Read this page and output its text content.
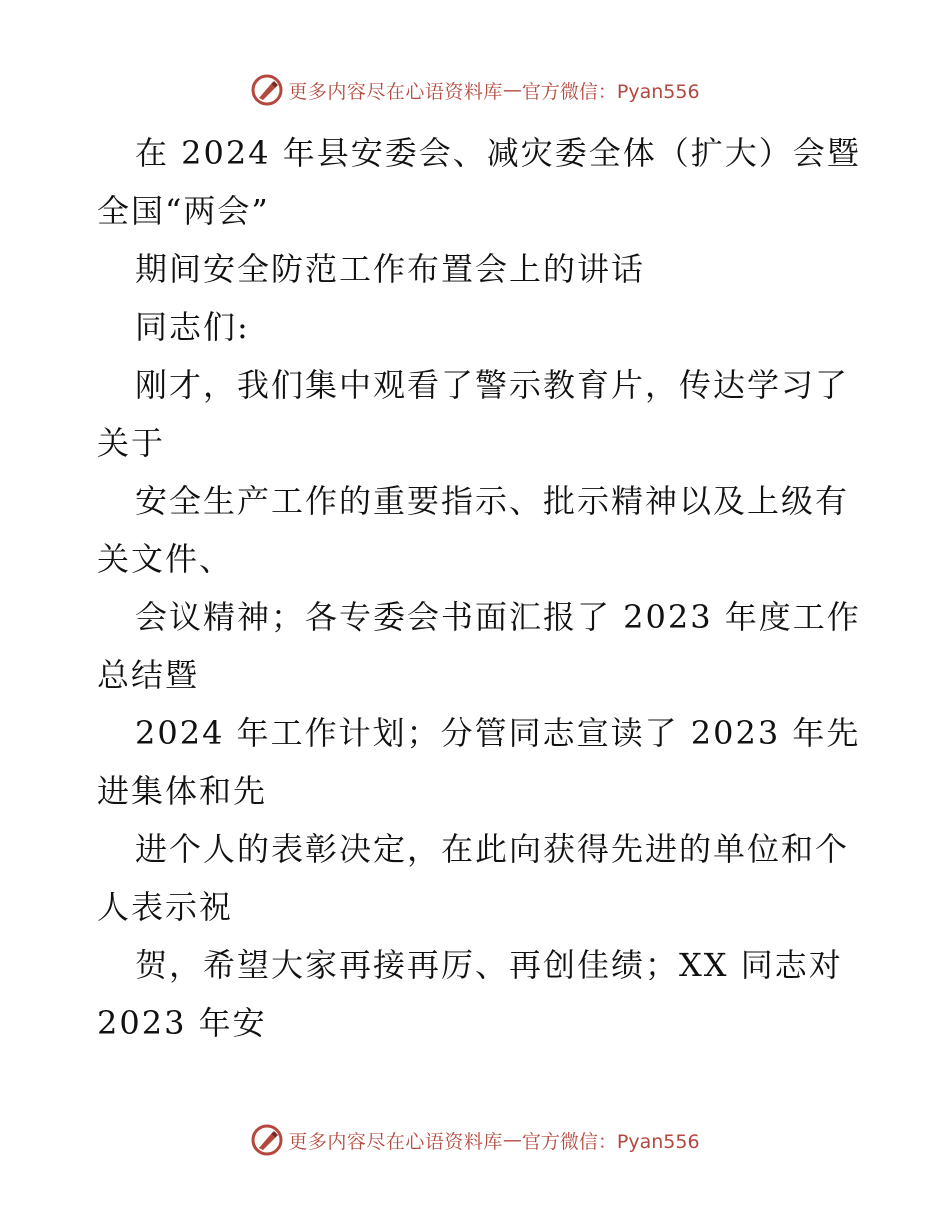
更多内容尽在心语资料库 — 官方微信：Pyan556
在 2024 年县安委会、减灾委全体（扩大）会暨
全国“两会”
期间安全防范工作布置会上的讲话
同志们:
刚才，我们集中观看了警示教育片，传达学习了
关于
安全生产工作的重要指示、批示精神以及上级有
关文件、
会议精神；各专委会书面汇报了 2023 年度工作
总结暨
2024 年工作计划；分管同志宣读了 2023 年先
进集体和先
进个人的表彰决定，在此向获得先进的单位和个
人表示祝
贺，希望大家再接再厉、再创佳绩；XX 同志对
2023 年安
更多内容尽在心语资料库 — 官方微信：Pyan556
